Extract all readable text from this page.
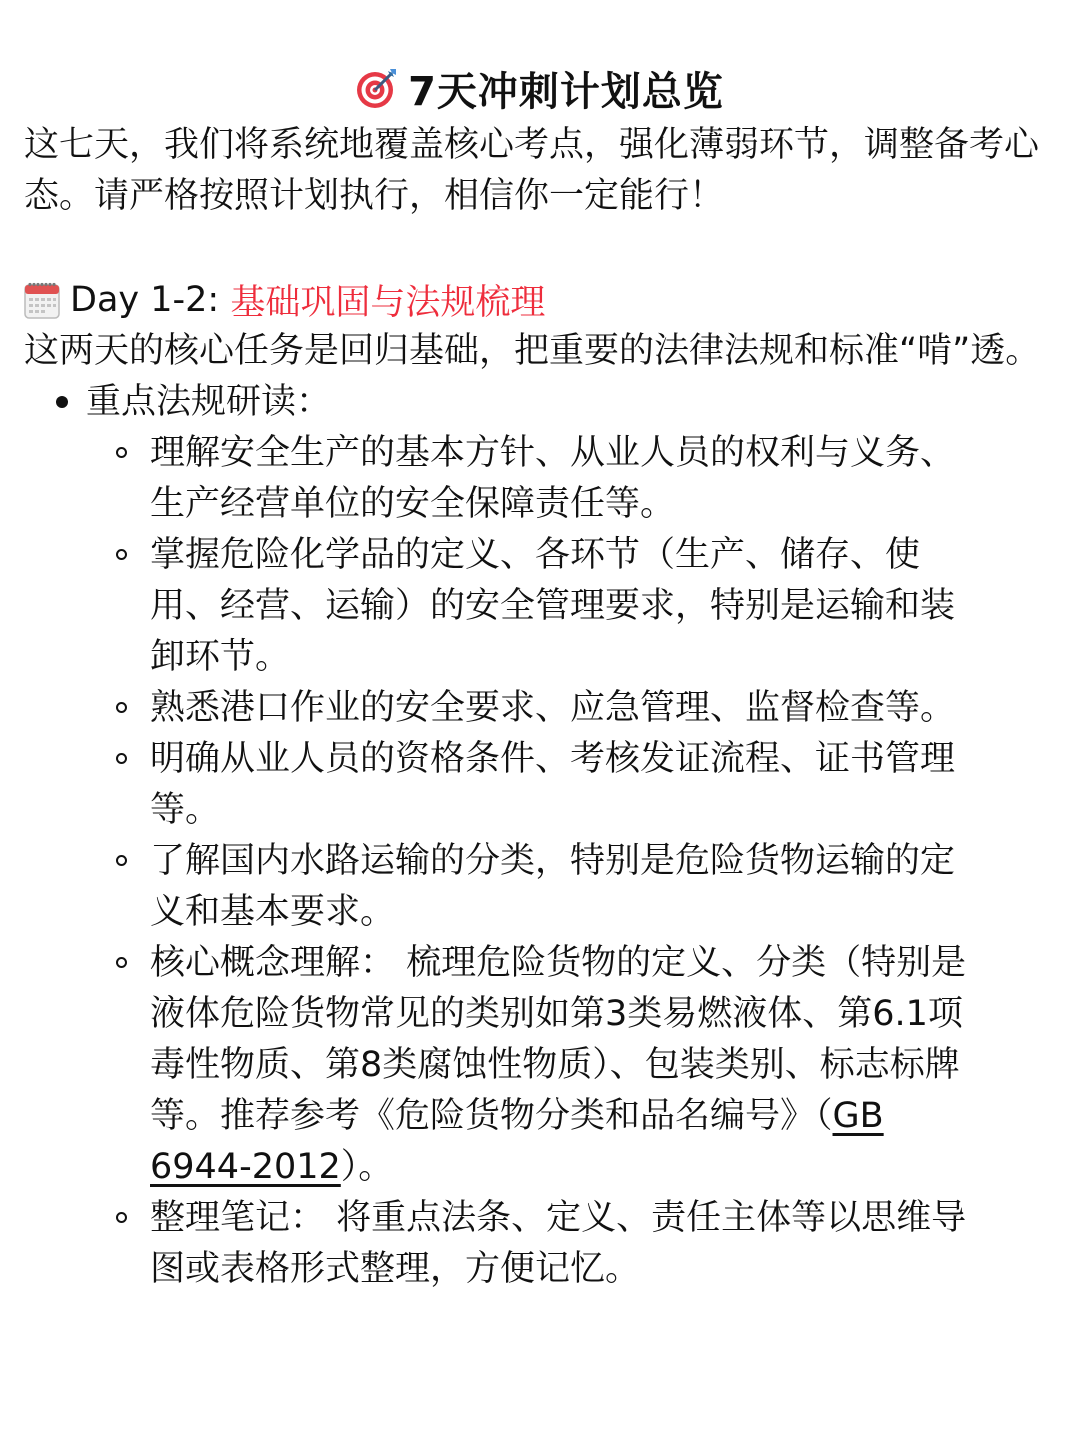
7天冲刺计划总览

这七天，我们将系统地覆盖核心考点，强化薄弱环节，调整备考心态。请严格按照计划执行，相信你一定能行！

Day 1-2: 基础巩固与法规梳理

这两天的核心任务是回归基础，把重要的法律法规和标准“啃”透。

重点法规研读：
理解安全生产的基本方针、从业人员的权利与义务、生产经营单位的安全保障责任等。
掌握危险化学品的定义、各环节（生产、储存、使用、经营、运输）的安全管理要求，特别是运输和装卸环节。
熟悉港口作业的安全要求、应急管理、监督检查等。
明确从业人员的资格条件、考核发证流程、证书管理等。
了解国内水路运输的分类，特别是危险货物运输的定义和基本要求。
核心概念理解： 梳理危险货物的定义、分类（特别是液体危险货物常见的类别如第3类易燃液体、第6.1项毒性物质、第8类腐蚀性物质）、包装类别、标志标牌等。推荐参考《危险货物分类和品名编号》（GB 6944-2012）。
整理笔记： 将重点法条、定义、责任主体等以思维导图或表格形式整理，方便记忆。
